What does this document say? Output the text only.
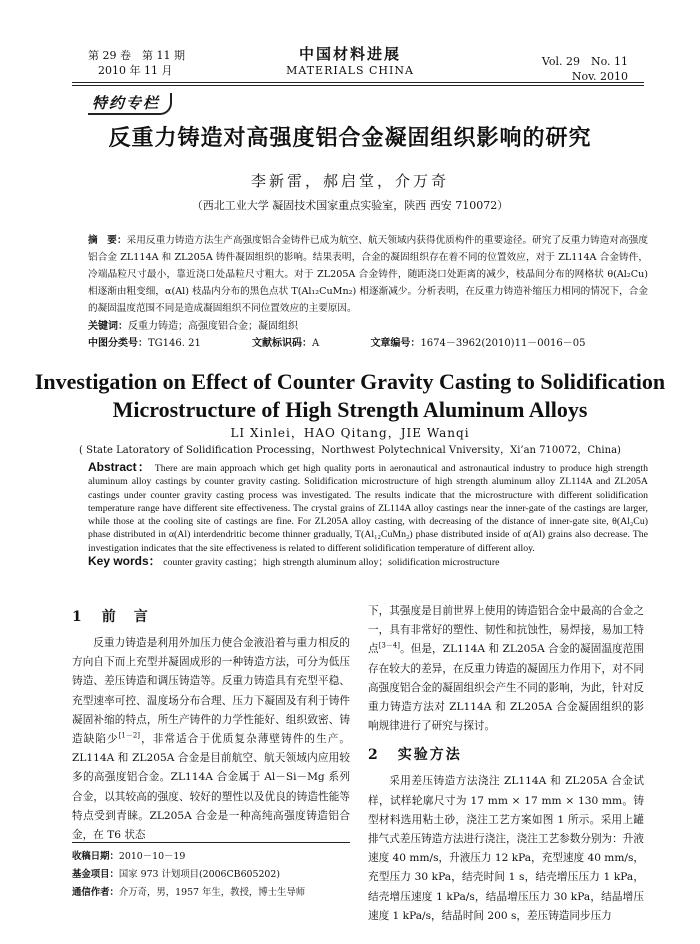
第 29 卷　第 11 期
2010 年 11 月
中国材料进展
MATERIALS CHINA
Vol. 29　No. 11
Nov. 2010
特约专栏
反重力铸造对高强度铝合金凝固组织影响的研究
李新雷，郝启堂，介万奇
（西北工业大学 凝固技术国家重点实验室，陕西 西安 710072）
摘　要：采用反重力铸造方法生产高强度铝合金铸件已成为航空、航天领域内获得优质构件的重要途径。研究了反重力铸造对高强度铝合金 ZL114A 和 ZL205A 铸件凝固组织的影响。结果表明，合金的凝固组织存在着不同的位置效应，对于 ZL114A 合金铸件，冷端晶粒尺寸最小，靠近浇口处晶粒尺寸粗大。对于 ZL205A 合金铸件，随距浇口处距离的减少，枝晶间分布的网格状 θ(Al₂Cu) 相逐渐由粗变细，α(Al) 枝晶内分布的黑色点状 T(Al₁₂CuMn₂) 相逐渐减少。分析表明，在反重力铸造补缩压力相同的情况下，合金的凝固温度范围不同是造成凝固组织不同位置效应的主要原因。
关键词：反重力铸造；高强度铝合金；凝固组织
中图分类号：TG146. 21	文献标识码：A	文章编号：1674－3962(2010)11－0016－05
Investigation on Effect of Counter Gravity Casting to Solidification Microstructure of High Strength Aluminum Alloys
LI Xinlei，HAO Qitang，JIE Wanqi
( State Latoratory of Solidification Processing，Northwest Polytechnical Vniversity，Xi’an 710072，China)
Abstract： There are main approach which get high quality ports in aeronautical and astronautical industry to produce high strength aluminum alloy castings by counter gravity casting. Solidification microstructure of high strength aluminum alloy ZL114A and ZL205A castings under counter gravity casting process was investigated. The results indicate that the microstructure with different solidification temperature range have different site effectiveness. The crystal grains of ZL114A alloy castings near the inner-gate of the castings are larger, while those at the cooling site of castings are fine. For ZL205A alloy casting, with decreasing of the distance of inner-gate site, θ(Al₂Cu) phase distributed in α(Al) interdendritic become thinner gradually, T(Al₁₂CuMn₂) phase distributed inside of α(Al) grains also decrease. The investigation indicates that the site effectiveness is related to different solidification temperature of different alloy.
Key words： counter gravity casting；high strength aluminum alloy；solidification microstructure
1 前　言

反重力铸造是利用外加压力使合金液沿着与重力相反的方向自下而上充型并凝固成形的一种铸造方法，可分为低压铸造、差压铸造和调压铸造等。反重力铸造具有充型平稳、充型速率可控、温度场分布合理、压力下凝固及有利于铸件凝固补缩的特点，所生产铸件的力学性能好、组织致密、铸造缺陷少[1－2]，非常适合于优质复杂薄壁铸件的生产。ZL114A 和 ZL205A 合金是目前航空、航天领域内应用较多的高强度铝合金。ZL114A 合金属于 Al－Si－Mg 系列合金，以其较高的强度、较好的塑性以及优良的铸造性能等特点受到青睐。ZL205A 合金是一种高纯高强度铸造铝合金，在 T6 状态

下，其强度是目前世界上使用的铸造铝合金中最高的合金之一，具有非常好的塑性、韧性和抗蚀性，易焊接，易加工特点[3－4]。但是，ZL114A 和 ZL205A 合金的凝固温度范围存在较大的差异，在反重力铸造的凝固压力作用下，对不同高强度铝合金的凝固组织会产生不同的影响，为此，针对反重力铸造方法对 ZL114A 和 ZL205A 合金凝固组织的影响规律进行了研究与探讨。

2 实验方法

采用差压铸造方法浇注 ZL114A 和 ZL205A 合金试样，试样轮廓尺寸为 17 mm × 17 mm × 130 mm。铸型材料选用粘土砂，浇注工艺方案如图 1 所示。采用上罐排气式差压铸造方法进行浇注，浇注工艺参数分别为：升液速度 40 mm/s，升液压力 12 kPa，充型速度 40 mm/s，充型压力 30 kPa，结壳时间 1 s，结壳增压压力 1 kPa，结壳增压速度 1 kPa/s，结晶增压压力 30 kPa，结晶增压速度 1 kPa/s，结晶时间 200 s，差压铸造同步压力

收稿日期：2010－10－19
基金项目：国家 973 计划项目(2006CB605202)
通信作者：介万奇，男，1957 年生，教授，博士生导师
